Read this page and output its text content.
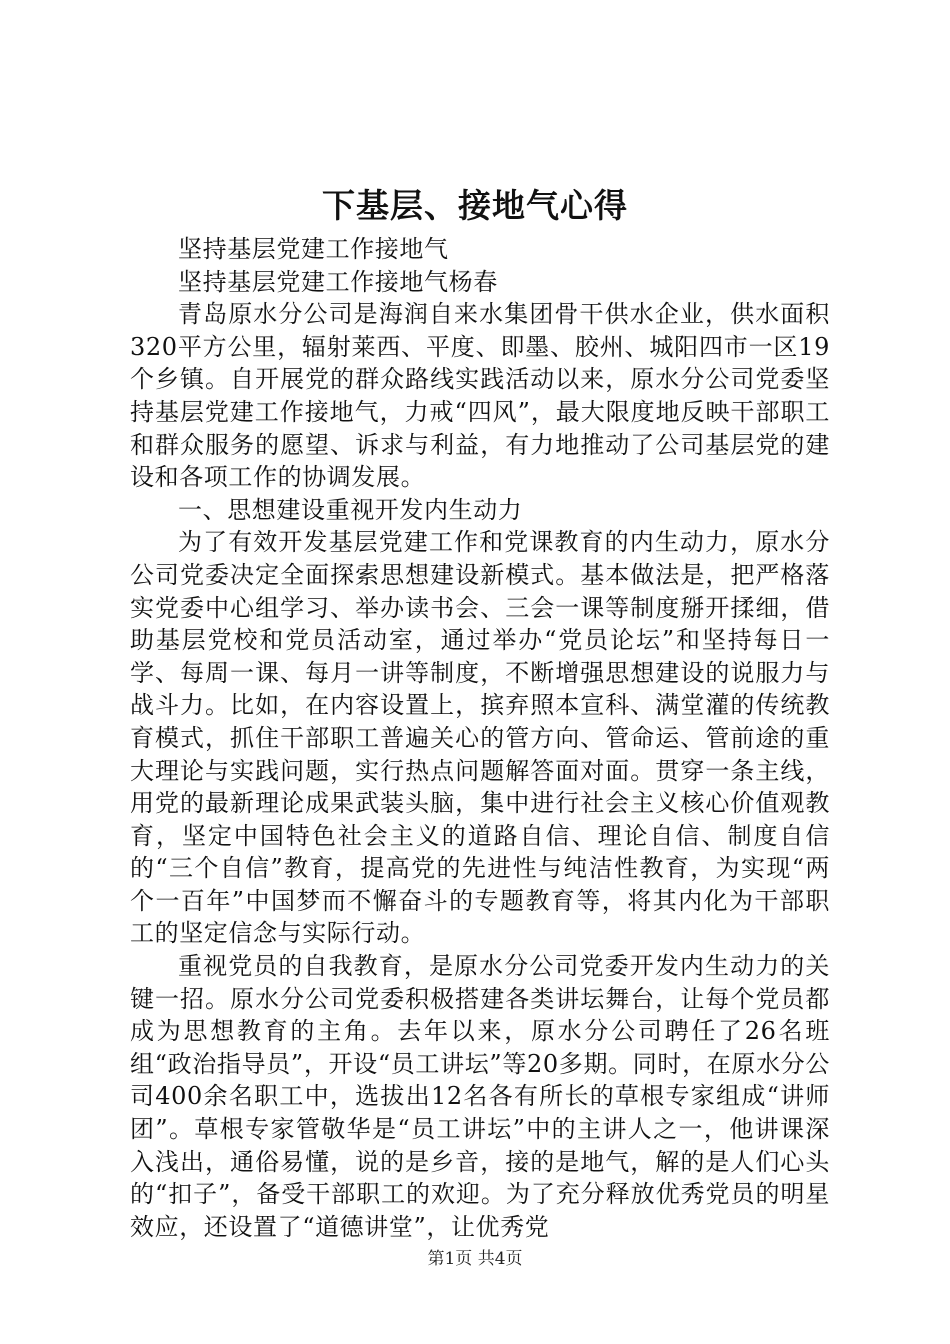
下基层、接地气心得

坚持基层党建工作接地气

坚持基层党建工作接地气杨春

青岛原水分公司是海润自来水集团骨干供水企业，供水面积320平方公里，辐射莱西、平度、即墨、胶州、城阳四市一区19个乡镇。自开展党的群众路线实践活动以来，原水分公司党委坚持基层党建工作接地气，力戒“四风”，最大限度地反映干部职工和群众服务的愿望、诉求与利益，有力地推动了公司基层党的建设和各项工作的协调发展。

一、思想建设重视开发内生动力

为了有效开发基层党建工作和党课教育的内生动力，原水分公司党委决定全面探索思想建设新模式。基本做法是，把严格落实党委中心组学习、举办读书会、三会一课等制度掰开揉细，借助基层党校和党员活动室，通过举办“党员论坛”和坚持每日一学、每周一课、每月一讲等制度，不断增强思想建设的说服力与战斗力。比如，在内容设置上，摈弃照本宣科、满堂灌的传统教育模式，抓住干部职工普遍关心的管方向、管命运、管前途的重大理论与实践问题，实行热点问题解答面对面。贯穿一条主线，用党的最新理论成果武装头脑，集中进行社会主义核心价值观教育，坚定中国特色社会主义的道路自信、理论自信、制度自信的“三个自信”教育，提高党的先进性与纯洁性教育，为实现“两个一百年”中国梦而不懈奋斗的专题教育等，将其内化为干部职工的坚定信念与实际行动。

重视党员的自我教育，是原水分公司党委开发内生动力的关键一招。原水分公司党委积极搭建各类讲坛舞台，让每个党员都成为思想教育的主角。去年以来，原水分公司聘任了26名班组“政治指导员”，开设“员工讲坛”等20多期。同时，在原水分公司400余名职工中，选拔出12名各有所长的草根专家组成“讲师团”。草根专家管敬华是“员工讲坛”中的主讲人之一，他讲课深入浅出，通俗易懂，说的是乡音，接的是地气，解的是人们心头的“扣子”，备受干部职工的欢迎。为了充分释放优秀党员的明星效应，还设置了“道德讲堂”，让优秀党

第1页 共4页
